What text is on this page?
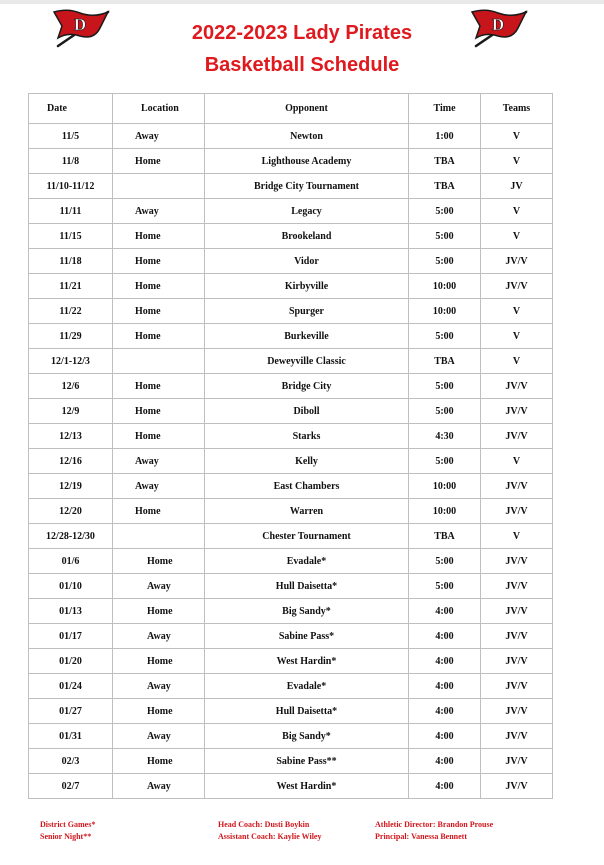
D	D
2022-2023 Lady Pirates
Basketball Schedule
Date	Location	Opponent	Time	Teams
11/5	Away	Newton	1:00	V
11/8	Home	Lighthouse Academy	TBA	V
11/10-11/12		Bridge City Tournament	TBA	JV
11/11	Away	Legacy	5:00	V
11/15	Home	Brookeland	5:00	V
11/18	Home	Vidor	5:00	JV/V
11/21	Home	Kirbyville	10:00	JV/V
11/22	Home	Spurger	10:00	V
11/29	Home	Burkeville	5:00	V
12/1-12/3		Deweyville Classic	TBA	V
12/6	Home	Bridge City	5:00	JV/V
12/9	Home	Diboll	5:00	JV/V
12/13	Home	Starks	4:30	JV/V
12/16	Away	Kelly	5:00	V
12/19	Away	East Chambers	10:00	JV/V
12/20	Home	Warren	10:00	JV/V
12/28-12/30		Chester Tournament	TBA	V
01/6	Home	Evadale*	5:00	JV/V
01/10	Away	Hull Daisetta*	5:00	JV/V
01/13	Home	Big Sandy*	4:00	JV/V
01/17	Away	Sabine Pass*	4:00	JV/V
01/20	Home	West Hardin*	4:00	JV/V
01/24	Away	Evadale*	4:00	JV/V
01/27	Home	Hull Daisetta*	4:00	JV/V
01/31	Away	Big Sandy*	4:00	JV/V
02/3	Home	Sabine Pass**	4:00	JV/V
02/7	Away	West Hardin*	4:00	JV/V
District Games*
Senior Night**
Head Coach: Dusti Boykin
Assistant Coach: Kaylie Wiley
Athletic Director: Brandon Prouse
Principal: Vanessa Bennett
